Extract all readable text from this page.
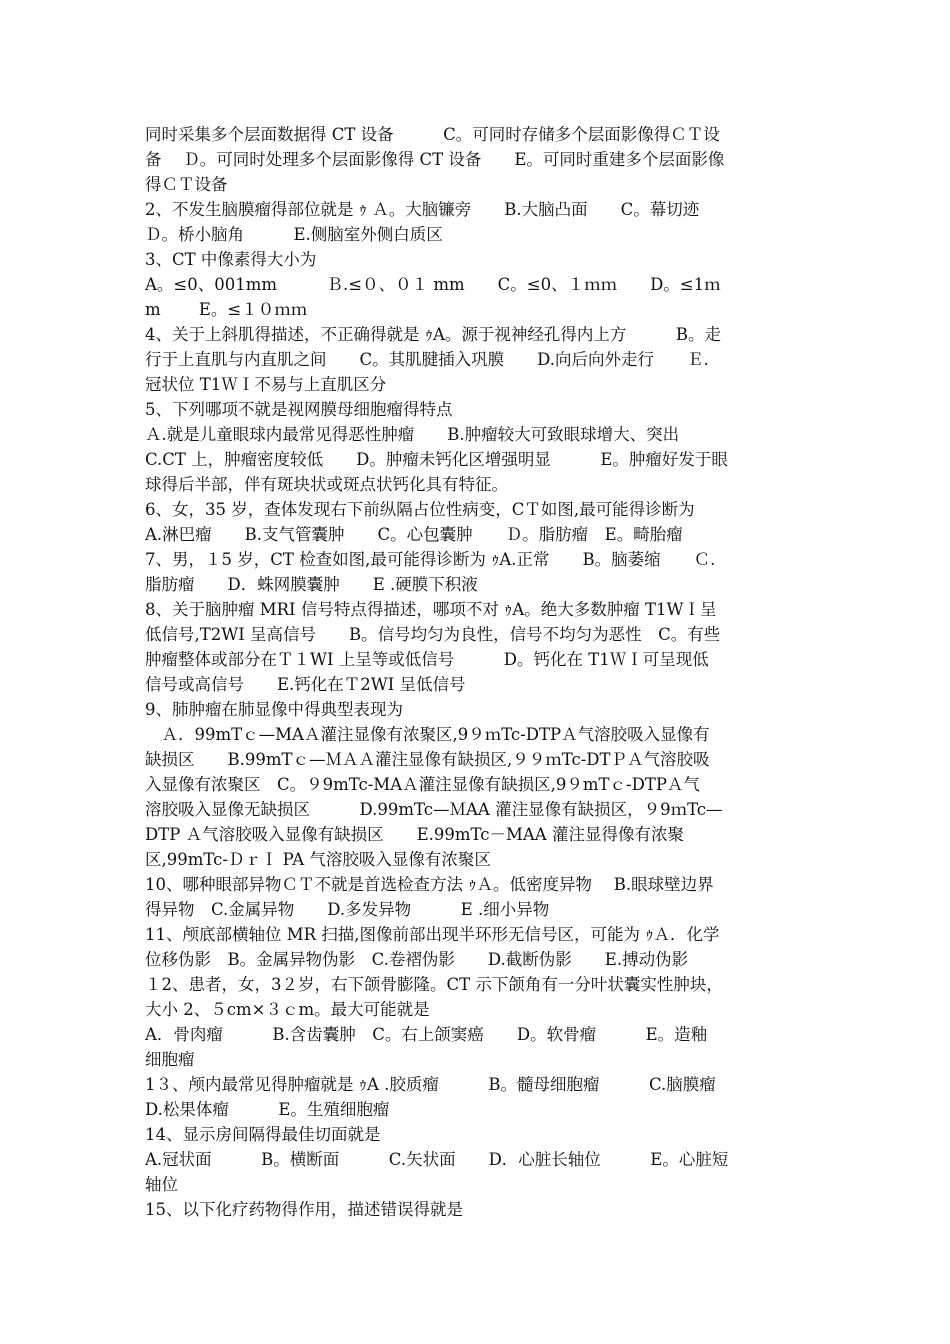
同时采集多个层面数据得 CT 设备　　　C。可同时存储多个层面影像得ＣＴ设
备　 Ｄ。可同时处理多个层面影像得 CT 设备　　E。可同时重建多个层面影像
得ＣＴ设备
2、不发生脑膜瘤得部位就是 ｩ Ａ。大脑镰旁　　B.大脑凸面　　C。幕切迹
Ｄ。桥小脑角　　　E.侧脑室外侧白质区
3、CT 中像素得大小为
A。≤0、001mm　　　Ｂ.≤０、０１ mm　　C。≤0、１ｍｍ　　D。≤1ｍ
m　　 E。≤１０ｍｍ
4、关于上斜肌得描述，不正确得就是 ｩA。源于视神经孔得内上方　　　B。走
行于上直肌与内直肌之间　　C。其肌腱插入巩膜　　D.向后向外走行　　Ｅ.
冠状位 T1ＷＩ不易与上直肌区分
5、下列哪项不就是视网膜母细胞瘤得特点
Ａ.就是儿童眼球内最常见得恶性肿瘤　　B.肿瘤较大可致眼球增大、突出
C.CT 上，肿瘤密度较低　　D。肿瘤未钙化区增强明显　　　E。肿瘤好发于眼
球得后半部，伴有斑块状或斑点状钙化具有特征。
6、女，35 岁，查体发现右下前纵隔占位性病变，CＴ如图,最可能得诊断为
A.淋巴瘤　　B.支气管囊肿　　C。心包囊肿　　Ｄ。脂肪瘤　E。畸胎瘤
7、男，１5 岁，CT 检查如图,最可能得诊断为 ｩA.正常　　B。脑萎缩　　Ｃ.
脂肪瘤　　D．蛛网膜囊肿　　E .硬膜下积液
8、关于脑肿瘤 MRI 信号特点得描述，哪项不对 ｩA。绝大多数肿瘤 T1WＩ呈
低信号,T2WI 呈高信号　　B。信号均匀为良性，信号不均匀为恶性　C。有些
肿瘤整体或部分在Ｔ１WI 上呈等或低信号　　　D。钙化在 T1ＷＩ可呈现低
信号或高信号　　E.钙化在Ｔ2WI 呈低信号
9、肺肿瘤在肺显像中得典型表现为
　Ａ．99mTｃ—MAＡ灌注显像有浓聚区,9９ｍTc-DTPＡ气溶胶吸入显像有
缺损区　　B.99mTｃ—ＭＡＡ灌注显像有缺损区,９９ｍTc-DTＰＡ气溶胶吸
入显像有浓聚区　C。９9mTc-MAＡ灌注显像有缺损区,9９mTｃ-DTPＡ气
溶胶吸入显像无缺损区　　　D.99mTc—ＭAA 灌注显像有缺损区，９9ｍTc—
DTP Ａ气溶胶吸入显像有缺损区　　E.99mTc－MAA 灌注显得像有浓聚
区,99mTc-ＤｒＩ PA 气溶胶吸入显像有浓聚区
10、哪种眼部异物ＣＴ不就是首选检查方法 ｩＡ。低密度异物　 B.眼球壁边界
得异物　C.金属异物　　D.多发异物　　　E .细小异物
11、颅底部横轴位 MR 扫描,图像前部出现半环形无信号区，可能为 ｩＡ．化学
位移伪影　B。金属异物伪影　C.卷褶伪影　　D.截断伪影　　E.搏动伪影
１2、患者，女，3２岁，右下颌骨膨隆。CT 示下颌角有一分叶状囊实性肿块，
大小 2、５cm×３ｃm。最大可能就是
A．骨肉瘤　　　B.含齿囊肿　C。右上颌窦癌　　D。软骨瘤　　　E。造釉
细胞瘤
1３、颅内最常见得肿瘤就是 ｩA .胶质瘤　　　B。髓母细胞瘤　　　C.脑膜瘤
D.松果体瘤　　　E。生殖细胞瘤
14、显示房间隔得最佳切面就是
A.冠状面　　　B。横断面　　　C.矢状面　　D．心脏长轴位　　　E。心脏短
轴位
15、以下化疗药物得作用，描述错误得就是
